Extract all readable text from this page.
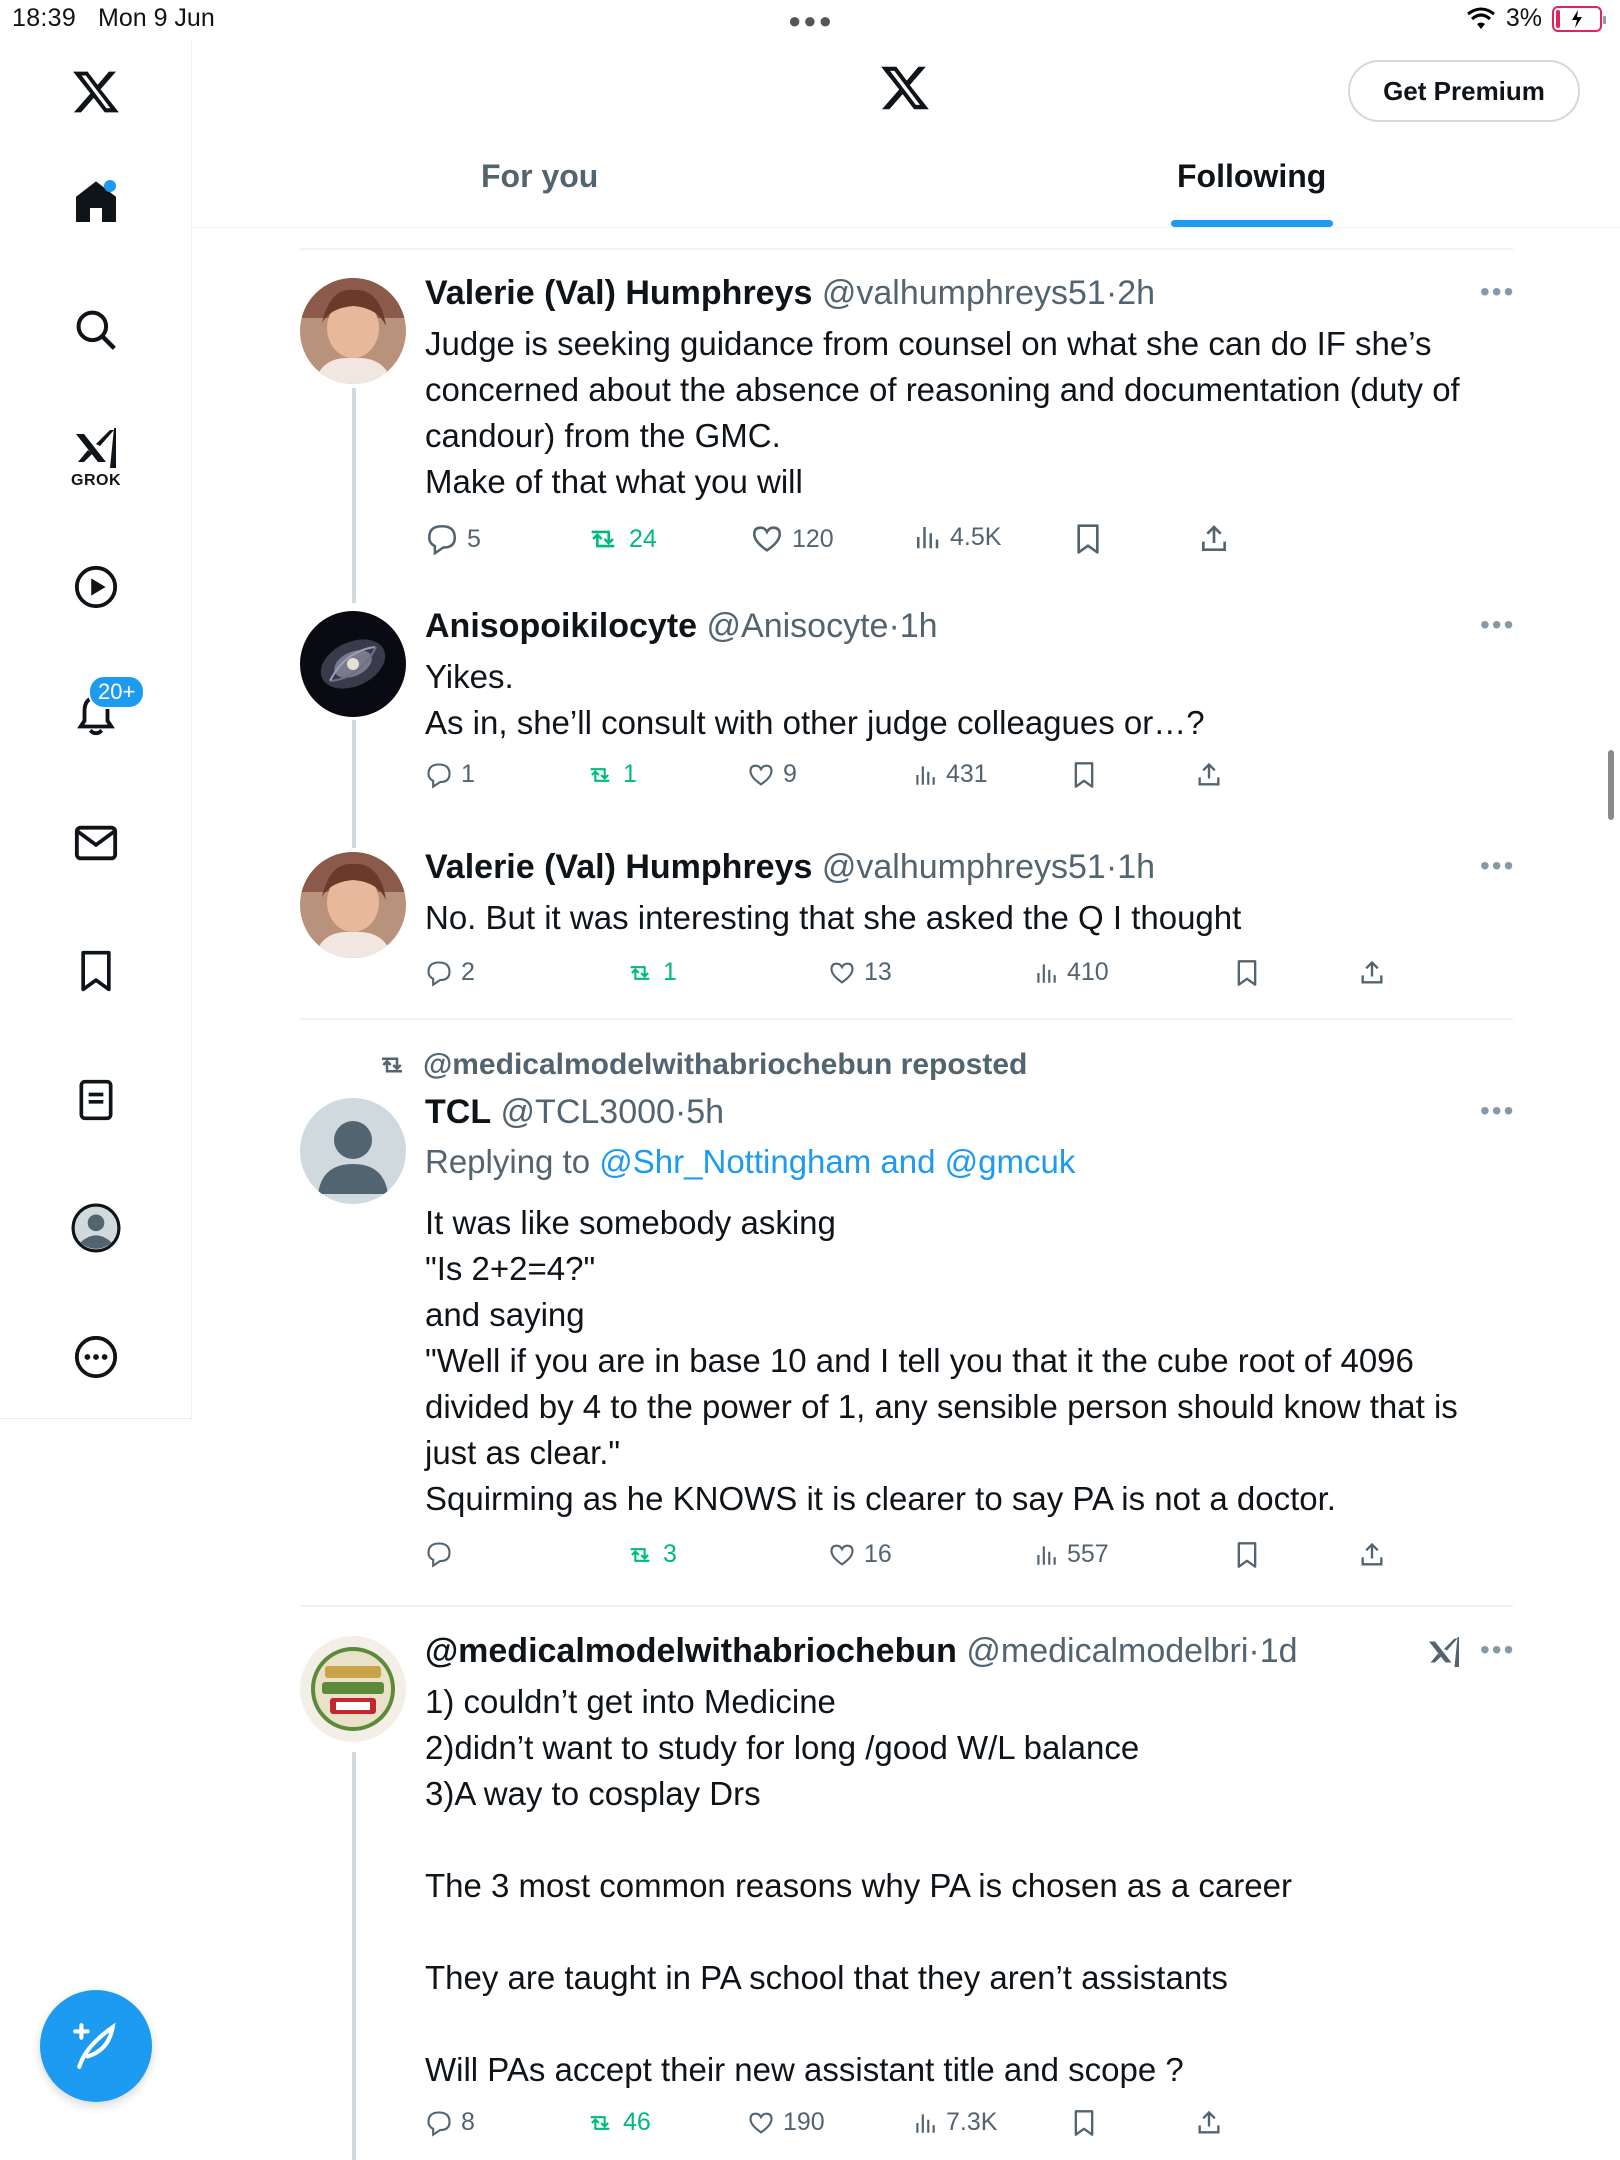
18:39 Mon 9 Jun	●●●	3%
GROK
20+
Get Premium
For you	Following
Valerie (Val) Humphreys @valhumphreys51·2h	•••
Judge is seeking guidance from counsel on what she can do IF she’s
concerned about the absence of reasoning and documentation (duty of
candour) from the GMC.
Make of that what you will
5	24	120	4.5K
Anisopoikilocyte @Anisocyte·1h	•••
Yikes.
As in, she’ll consult with other judge colleagues or…?
1	1	9	431
Valerie (Val) Humphreys @valhumphreys51·1h	•••
No. But it was interesting that she asked the Q I thought
2	1	13	410
@medicalmodelwithabriochebun reposted
TCL @TCL3000·5h	•••
Replying to @Shr_Nottingham and @gmcuk
It was like somebody asking
"Is 2+2=4?"
and saying
"Well if you are in base 10 and I tell you that it the cube root of 4096
divided by 4 to the power of 1, any sensible person should know that is
just as clear."
Squirming as he KNOWS it is clearer to say PA is not a doctor.
3	16	557
@medicalmodelwithabriochebun @medicalmodelbri·1d	•••
1) couldn’t get into Medicine
2)didn’t want to study for long /good W/L balance
3)A way to cosplay Drs
The 3 most common reasons why PA is chosen as a career
They are taught in PA school that they aren’t assistants
Will PAs accept their new assistant title and scope ?
8	46	190	7.3K
